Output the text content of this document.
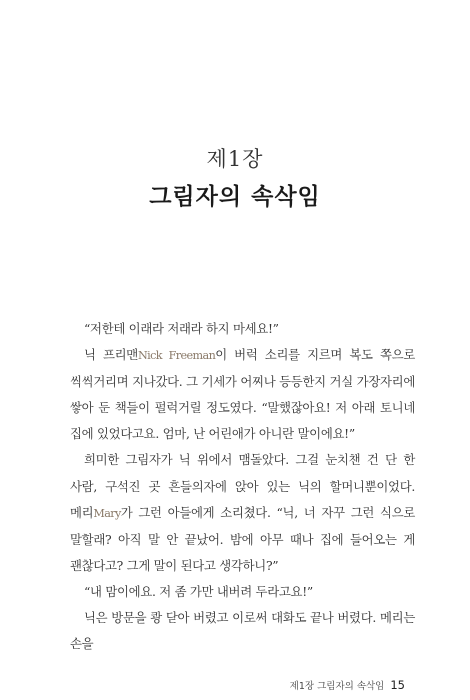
제1장
그림자의 속삭임

“저한테 이래라 저래라 하지 마세요!”

닉 프리맨Nick Freeman이 버럭 소리를 지르며 복도 쪽으로 씩씩거리며 지나갔다. 그 기세가 어찌나 등등한지 거실 가장자리에 쌓아 둔 책들이 펄럭거릴 정도였다. “말했잖아요! 저 아래 토니네 집에 있었다고요. 엄마, 난 어린애가 아니란 말이에요!”

희미한 그림자가 닉 위에서 맴돌았다. 그걸 눈치챈 건 단 한 사람, 구석진 곳 흔들의자에 앉아 있는 닉의 할머니뿐이었다. 메리Mary가 그런 아들에게 소리쳤다. “닉, 너 자꾸 그런 식으로 말할래? 아직 말 안 끝났어. 밤에 아무 때나 집에 들어오는 게 괜찮다고? 그게 말이 된다고 생각하니?”

“내 맘이에요. 저 좀 가만 내버려 두라고요!”

닉은 방문을 쾅 닫아 버렸고 이로써 대화도 끝나 버렸다. 메리는 손을

제1장 그림자의 속삭임 15
